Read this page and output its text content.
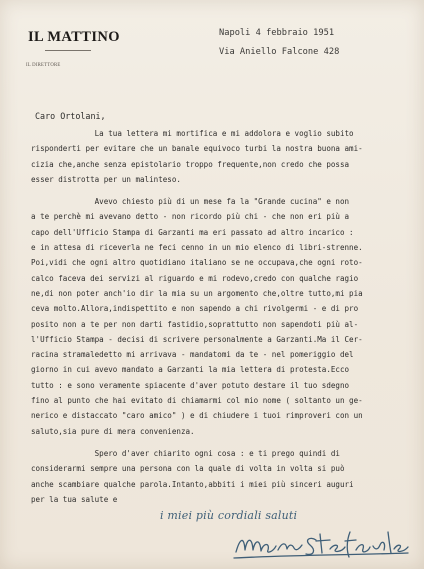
IL MATTINO
IL DIRETTORE
Napoli 4 febbraio 1951
Via Aniello Falcone 428
Caro Ortolani,

La tua lettera mi mortifica e mi addolora e voglio subito
risponderti per evitare che un banale equivoco turbi la nostra buona ami-
cizia che,anche senza epistolario troppo frequente,non credo che possa
esser distrotta per un malinteso.

Avevo chiesto più di un mese fa la "Grande cucina" e non
a te perchè mi avevano detto - non ricordo più chi - che non eri più a
capo dell'Ufficio Stampa di Garzanti ma eri passato ad altro incarico :
e in attesa di riceverla ne feci cenno in un mio elenco di libri-strenne.
Poi,vidi che ogni altro quotidiano italiano se ne occupava,che ogni roto-
calco faceva dei servizi al riguardo e mi rodevo,credo con qualche ragio
ne,di non poter anch'io dir la mia su un argomento che,oltre tutto,mi pia
ceva molto.Allora,indispettito e non sapendo a chi rivolgermi - e di pro
posito non a te per non darti fastidio,soprattutto non sapendoti più al-
l'Ufficio Stampa - decisi di scrivere personalmente a Garzanti.Ma il Cer-
racina stramaledetto mi arrivava - mandatomi da te - nel pomeriggio del
giorno in cui avevo mandato a Garzanti la mia lettera di protesta.Ecco
tutto : e sono veramente spiacente d'aver potuto destare il tuo sdegno
fino al punto che hai evitato di chiamarmi col mio nome ( soltanto un ge-
nerico e distaccato "caro amico" ) e di chiudere i tuoi rimproveri con un
saluto,sia pure di mera convenienza.

Spero d'aver chiarito ogni cosa : e ti prego quindi di
considerarmi sempre una persona con la quale di volta in volta si può
anche scambiare qualche parola.Intanto,abbiti i miei più sinceri auguri
per la tua salute e

i miei più cordiali saluti
